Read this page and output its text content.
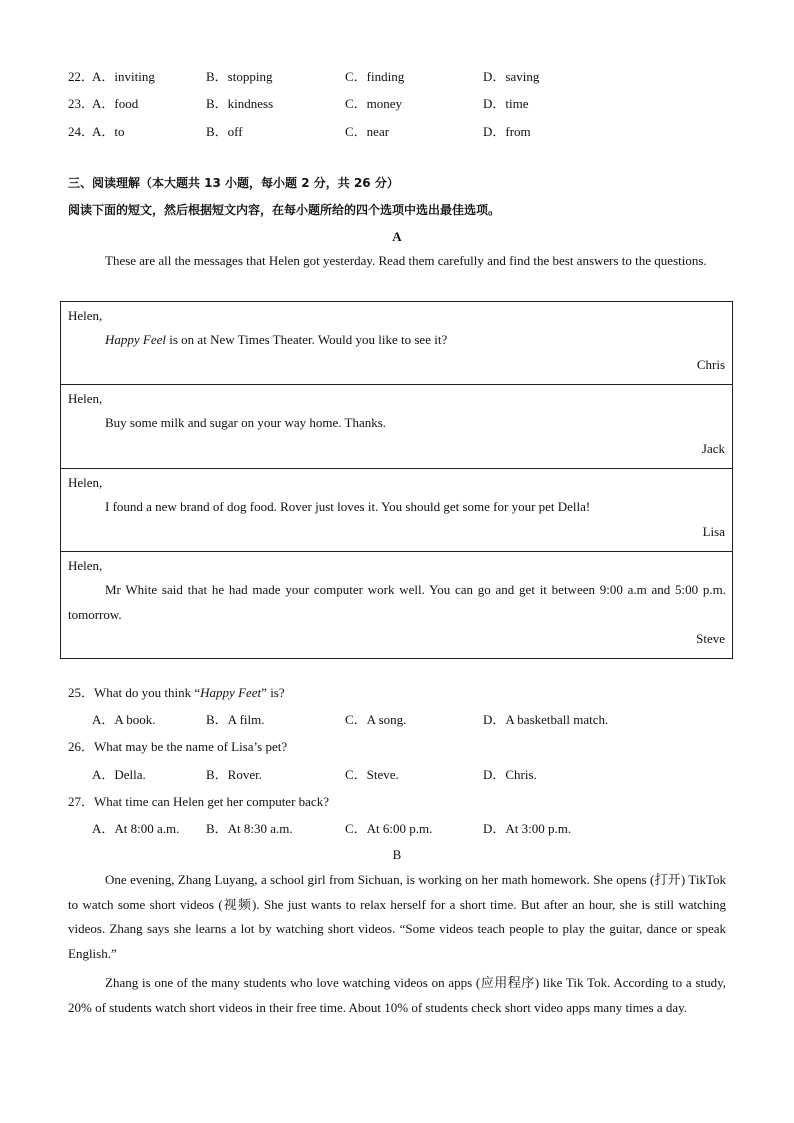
22．
A．inviting	B．stopping	C．finding	D．saving
23．
A．food	B．kindness	C．money	D．time
24．
A．to	B．off	C．near	D．from
三、阅读理解（本大题共 13 小题，每小题 2 分，共 26 分）
阅读下面的短文，然后根据短文内容，在每小题所给的四个选项中选出最佳选项。
A
These are all the messages that Helen got yesterday. Read them carefully and find the best answers to the questions.
Helen,
Happy Feel is on at New Times Theater. Would you like to see it?
Chris
Helen,
Buy some milk and sugar on your way home. Thanks.
Jack
Helen,
I found a new brand of dog food. Rover just loves it. You should get some for your pet Della!
Lisa
Helen,
Mr White said that he had made your computer work well. You can go and get it between 9:00 a.m and 5:00 p.m. tomorrow.
Steve
25．What do you think “Happy Feet” is?
A．A book.	B．A film.	C．A song.	D．A basketball match.
26．What may be the name of Lisa’s pet?
A．Della.	B．Rover.	C．Steve.	D．Chris.
27．What time can Helen get her computer back?
A．At 8:00 a.m. B．At 8:30 a.m.	C．At 6:00 p.m.	D．At 3:00 p.m.
B
One evening, Zhang Luyang, a school girl from Sichuan, is working on her math homework. She opens (打开) TikTok to watch some short videos (视频). She just wants to relax herself for a short time. But after an hour, she is still watching videos. Zhang says she learns a lot by watching short videos. “Some videos teach people to play the guitar, dance or speak English.”
Zhang is one of the many students who love watching videos on apps (应用程序) like Tik Tok. According to a study, 20% of students watch short videos in their free time. About 10% of students check short video apps many times a day.
